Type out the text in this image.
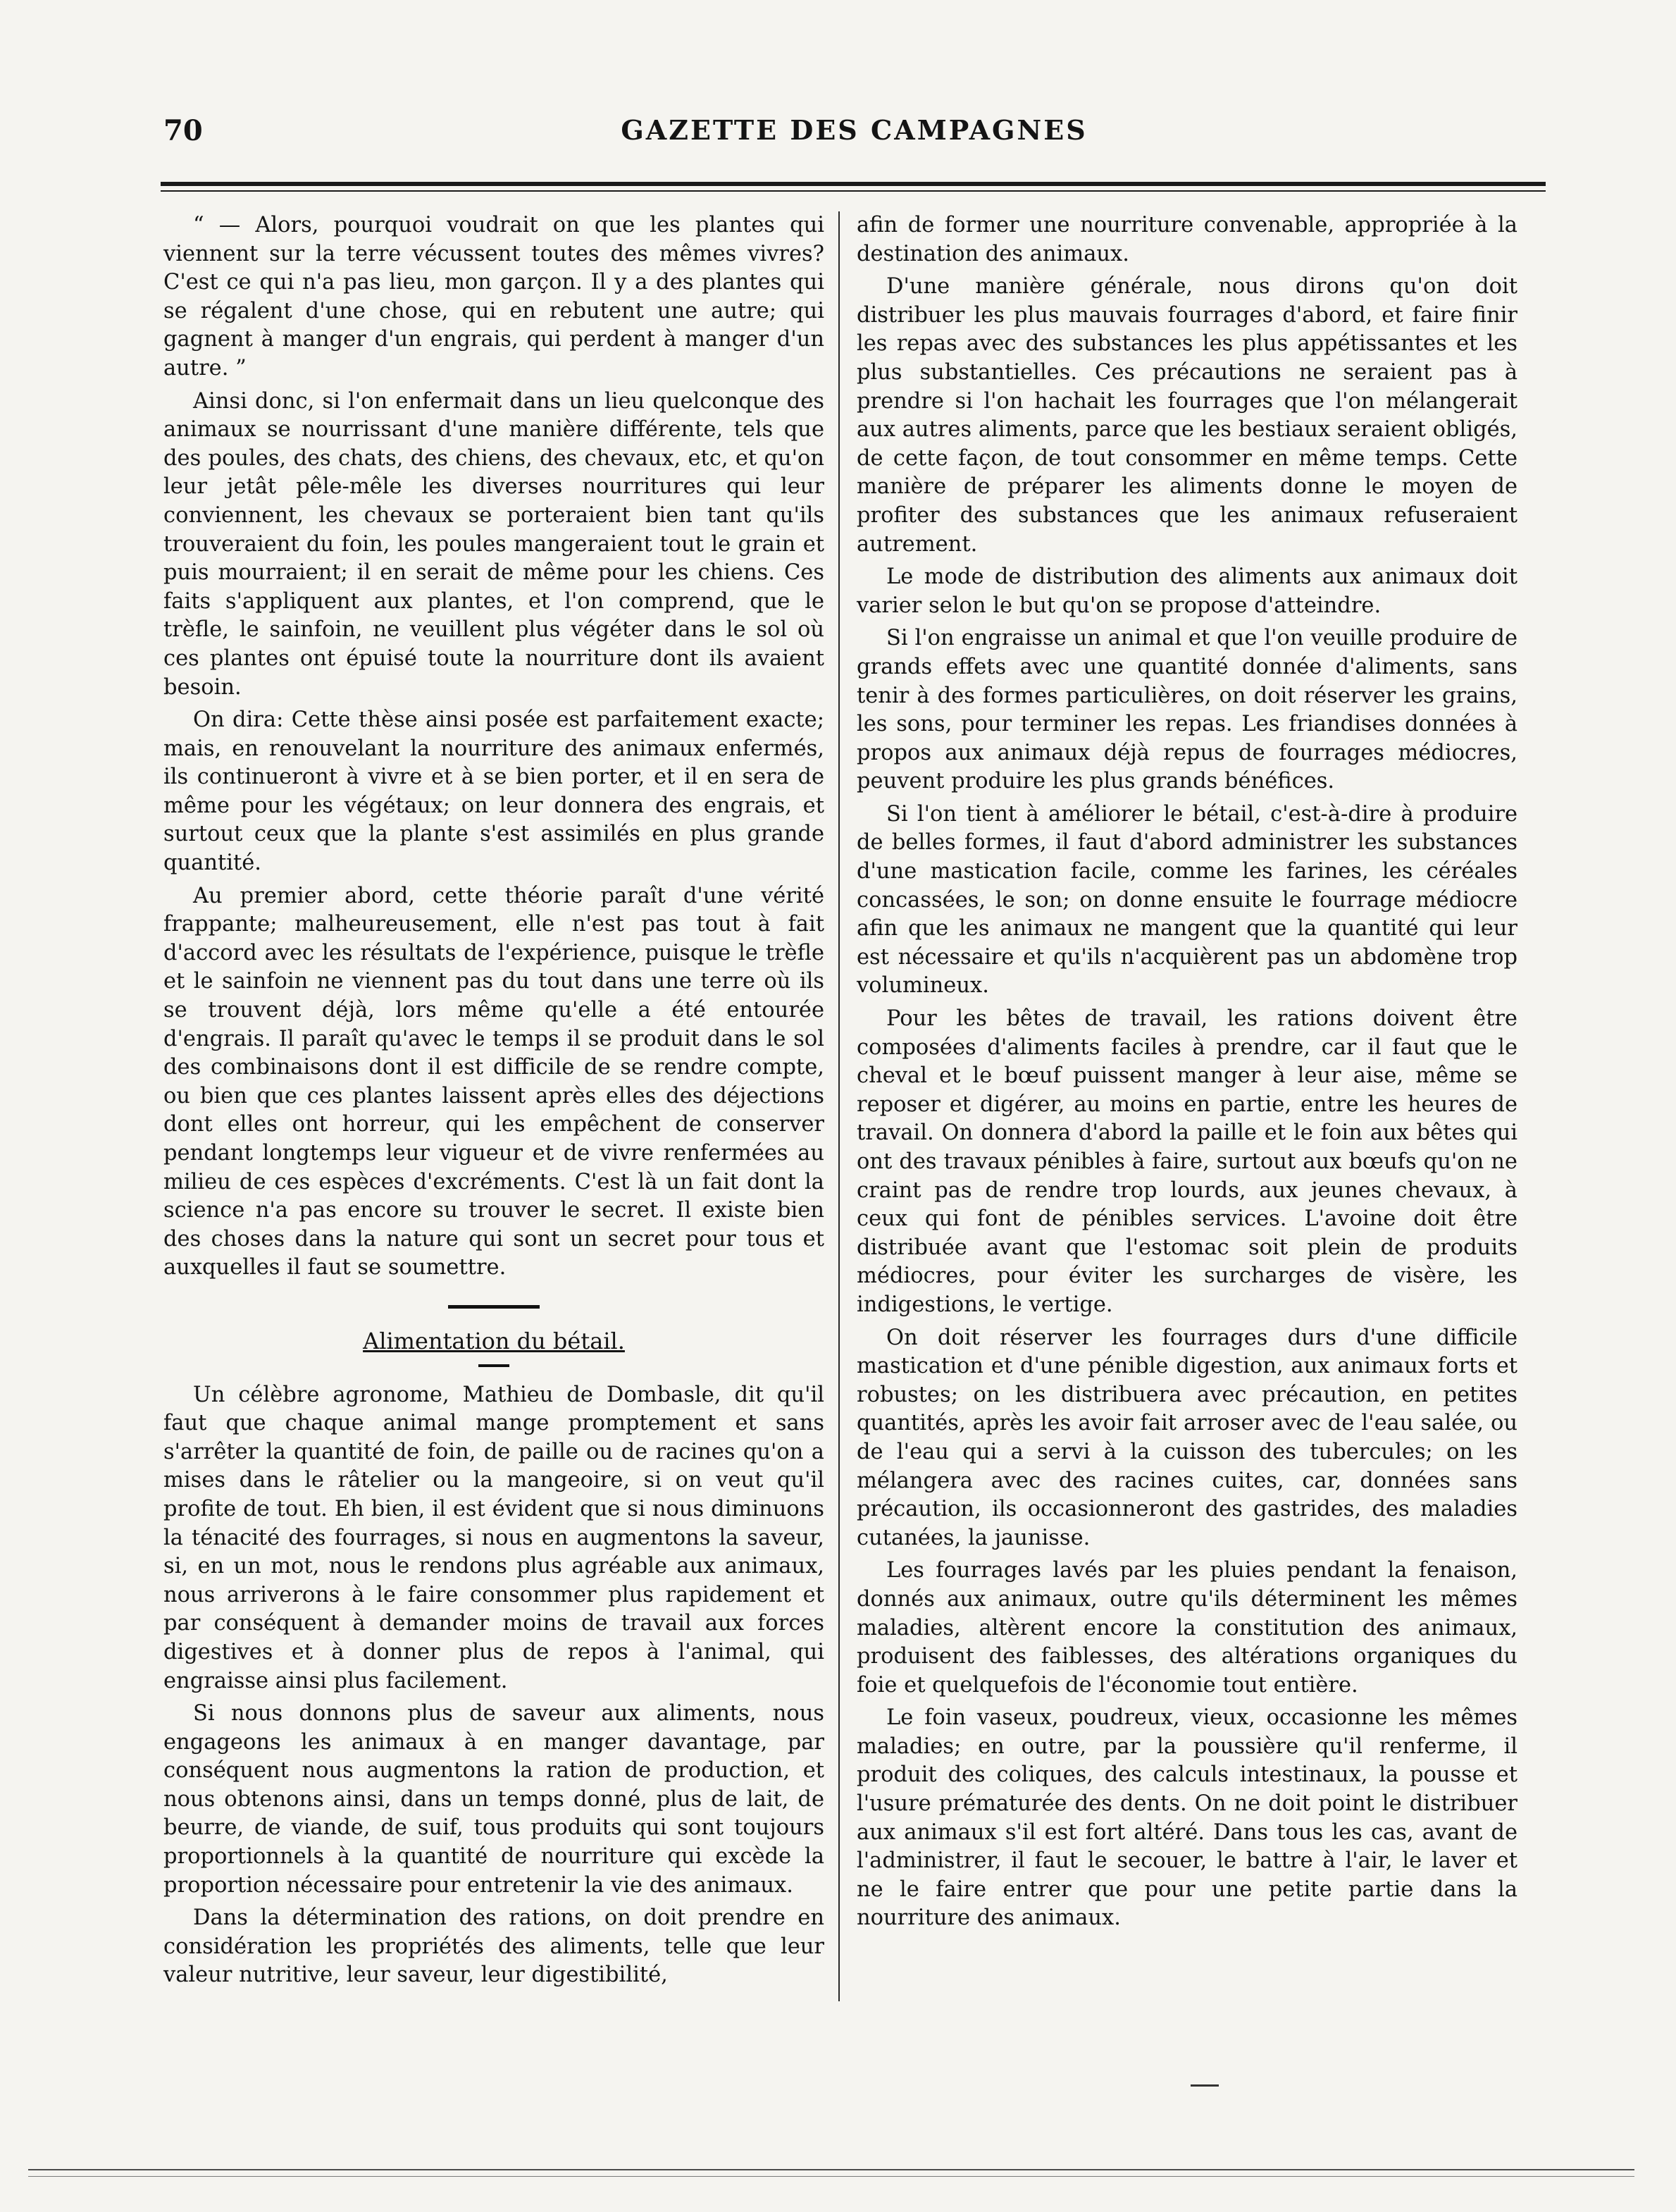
70	GAZETTE DES CAMPAGNES

“ — Alors, pourquoi voudrait on que les plantes qui viennent sur la terre vécussent toutes des mêmes vivres? C'est ce qui n'a pas lieu, mon garçon. Il y a des plantes qui se régalent d'une chose, qui en rebutent une autre; qui gagnent à manger d'un engrais, qui perdent à manger d'un autre. ”

Ainsi donc, si l'on enfermait dans un lieu quelconque des animaux se nourrissant d'une manière différente, tels que des poules, des chats, des chiens, des chevaux, etc, et qu'on leur jetât pêle-mêle les diverses nourritures qui leur conviennent, les chevaux se porteraient bien tant qu'ils trouveraient du foin, les poules mangeraient tout le grain et puis mourraient; il en serait de même pour les chiens. Ces faits s'appliquent aux plantes, et l'on comprend, que le trèfle, le sainfoin, ne veuillent plus végéter dans le sol où ces plantes ont épuisé toute la nourriture dont ils avaient besoin.

On dira: Cette thèse ainsi posée est parfaitement exacte; mais, en renouvelant la nourriture des animaux enfermés, ils continueront à vivre et à se bien porter, et il en sera de même pour les végétaux; on leur donnera des engrais, et surtout ceux que la plante s'est assimilés en plus grande quantité.

Au premier abord, cette théorie paraît d'une vérité frappante; malheureusement, elle n'est pas tout à fait d'accord avec les résultats de l'expérience, puisque le trèfle et le sainfoin ne viennent pas du tout dans une terre où ils se trouvent déjà, lors même qu'elle a été entourée d'engrais. Il paraît qu'avec le temps il se produit dans le sol des combinaisons dont il est difficile de se rendre compte, ou bien que ces plantes laissent après elles des déjections dont elles ont horreur, qui les empêchent de conserver pendant longtemps leur vigueur et de vivre renfermées au milieu de ces espèces d'excréments. C'est là un fait dont la science n'a pas encore su trouver le secret. Il existe bien des choses dans la nature qui sont un secret pour tous et auxquelles il faut se soumettre.

Alimentation du bétail.

Un célèbre agronome, Mathieu de Dombasle, dit qu'il faut que chaque animal mange promptement et sans s'arrêter la quantité de foin, de paille ou de racines qu'on a mises dans le râtelier ou la mangeoire, si on veut qu'il profite de tout. Eh bien, il est évident que si nous diminuons la ténacité des fourrages, si nous en augmentons la saveur, si, en un mot, nous le rendons plus agréable aux animaux, nous arriverons à le faire consommer plus rapidement et par conséquent à demander moins de travail aux forces digestives et à donner plus de repos à l'animal, qui engraisse ainsi plus facilement.

Si nous donnons plus de saveur aux aliments, nous engageons les animaux à en manger davantage, par conséquent nous augmentons la ration de production, et nous obtenons ainsi, dans un temps donné, plus de lait, de beurre, de viande, de suif, tous produits qui sont toujours proportionnels à la quantité de nourriture qui excède la proportion nécessaire pour entretenir la vie des animaux.

Dans la détermination des rations, on doit prendre en considération les propriétés des aliments, telle que leur valeur nutritive, leur saveur, leur digestibilité,

afin de former une nourriture convenable, appropriée à la destination des animaux.

D'une manière générale, nous dirons qu'on doit distribuer les plus mauvais fourrages d'abord, et faire finir les repas avec des substances les plus appétissantes et les plus substantielles. Ces précautions ne seraient pas à prendre si l'on hachait les fourrages que l'on mélangerait aux autres aliments, parce que les bestiaux seraient obligés, de cette façon, de tout consommer en même temps. Cette manière de préparer les aliments donne le moyen de profiter des substances que les animaux refuseraient autrement.

Le mode de distribution des aliments aux animaux doit varier selon le but qu'on se propose d'atteindre.

Si l'on engraisse un animal et que l'on veuille produire de grands effets avec une quantité donnée d'aliments, sans tenir à des formes particulières, on doit réserver les grains, les sons, pour terminer les repas. Les friandises données à propos aux animaux déjà repus de fourrages médiocres, peuvent produire les plus grands bénéfices.

Si l'on tient à améliorer le bétail, c'est-à-dire à produire de belles formes, il faut d'abord administrer les substances d'une mastication facile, comme les farines, les céréales concassées, le son; on donne ensuite le fourrage médiocre afin que les animaux ne mangent que la quantité qui leur est nécessaire et qu'ils n'acquièrent pas un abdomène trop volumineux.

Pour les bêtes de travail, les rations doivent être composées d'aliments faciles à prendre, car il faut que le cheval et le bœuf puissent manger à leur aise, même se reposer et digérer, au moins en partie, entre les heures de travail. On donnera d'abord la paille et le foin aux bêtes qui ont des travaux pénibles à faire, surtout aux bœufs qu'on ne craint pas de rendre trop lourds, aux jeunes chevaux, à ceux qui font de pénibles services. L'avoine doit être distribuée avant que l'estomac soit plein de produits médiocres, pour éviter les surcharges de visère, les indigestions, le vertige.

On doit réserver les fourrages durs d'une difficile mastication et d'une pénible digestion, aux animaux forts et robustes; on les distribuera avec précaution, en petites quantités, après les avoir fait arroser avec de l'eau salée, ou de l'eau qui a servi à la cuisson des tubercules; on les mélangera avec des racines cuites, car, données sans précaution, ils occasionneront des gastrides, des maladies cutanées, la jaunisse.

Les fourrages lavés par les pluies pendant la fenaison, donnés aux animaux, outre qu'ils déterminent les mêmes maladies, altèrent encore la constitution des animaux, produisent des faiblesses, des altérations organiques du foie et quelquefois de l'économie tout entière.

Le foin vaseux, poudreux, vieux, occasionne les mêmes maladies; en outre, par la poussière qu'il renferme, il produit des coliques, des calculs intestinaux, la pousse et l'usure prématurée des dents. On ne doit point le distribuer aux animaux s'il est fort altéré. Dans tous les cas, avant de l'administrer, il faut le secouer, le battre à l'air, le laver et ne le faire entrer que pour une petite partie dans la nourriture des animaux.
